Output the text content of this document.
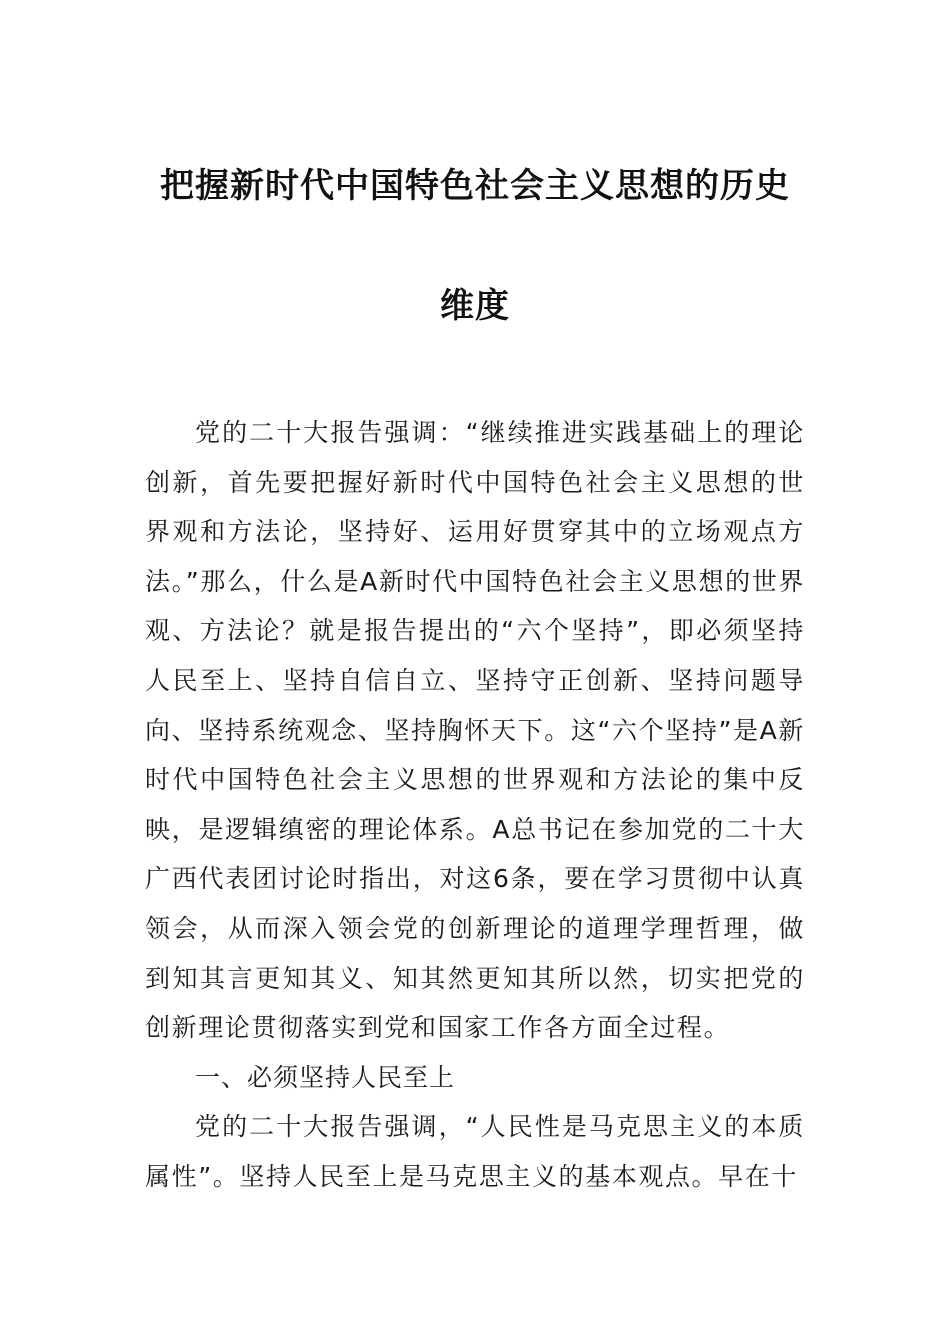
把握新时代中国特色社会主义思想的历史
维度

党的二十大报告强调：“继续推进实践基础上的理论创新，首先要把握好新时代中国特色社会主义思想的世界观和方法论，坚持好、运用好贯穿其中的立场观点方法。”那么，什么是A新时代中国特色社会主义思想的世界观、方法论？就是报告提出的“六个坚持”，即必须坚持人民至上、坚持自信自立、坚持守正创新、坚持问题导向、坚持系统观念、坚持胸怀天下。这“六个坚持”是A新时代中国特色社会主义思想的世界观和方法论的集中反映，是逻辑缜密的理论体系。A总书记在参加党的二十大广西代表团讨论时指出，对这6条，要在学习贯彻中认真领会，从而深入领会党的创新理论的道理学理哲理，做到知其言更知其义、知其然更知其所以然，切实把党的创新理论贯彻落实到党和国家工作各方面全过程。

一、必须坚持人民至上

党的二十大报告强调，“人民性是马克思主义的本质属性”。坚持人民至上是马克思主义的基本观点。早在十
